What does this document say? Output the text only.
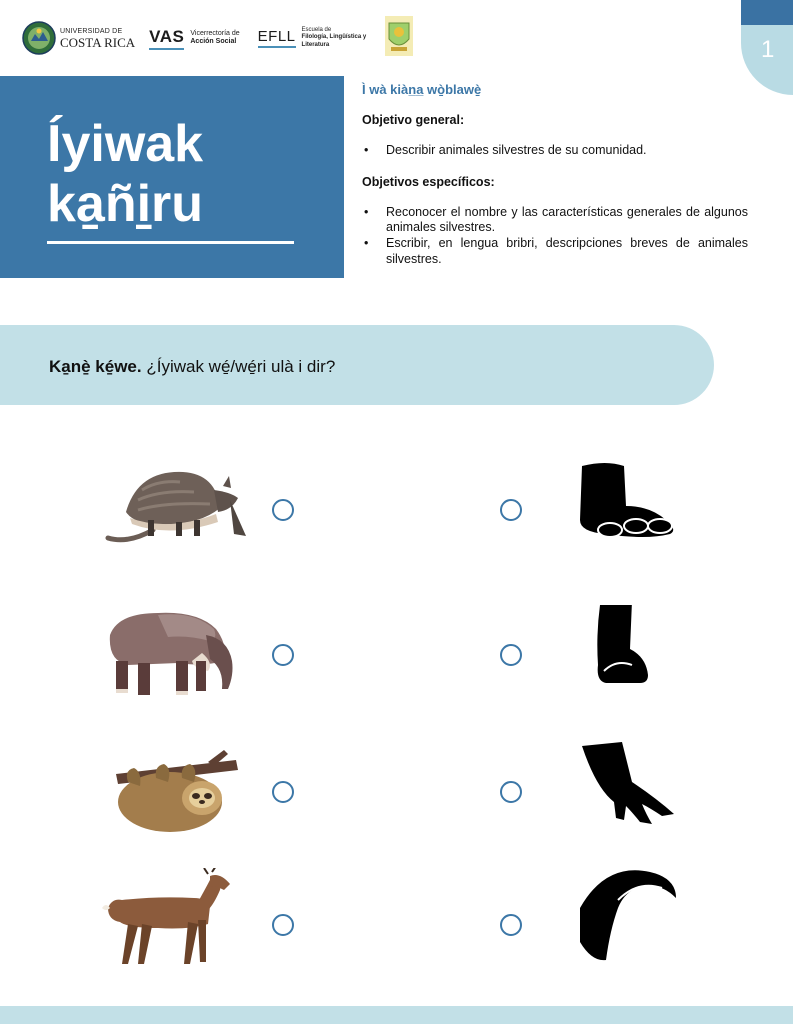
UNIVERSIDAD DE
COSTA RICA VAS Vicerrectoría de
Acción Social EFLL Escuela de
Filología, Lingüística y
Literatura	1
Íyiwak
ka̱ñi̱ru
Ì wà kiàn̲a̲ wò̱blawè̱
Objetivo general:
• Describir animales silvestres de su comunidad.
Objetivos específicos:
• Reconocer el nombre y las características generales de algunos animales silvestres.
• Escribir, en lengua bribri, descripciones breves de animales silvestres.
Ka̱nè̱ ké̱we. ¿Íyiwak wé̱/wé̱ri ulà i dir?
